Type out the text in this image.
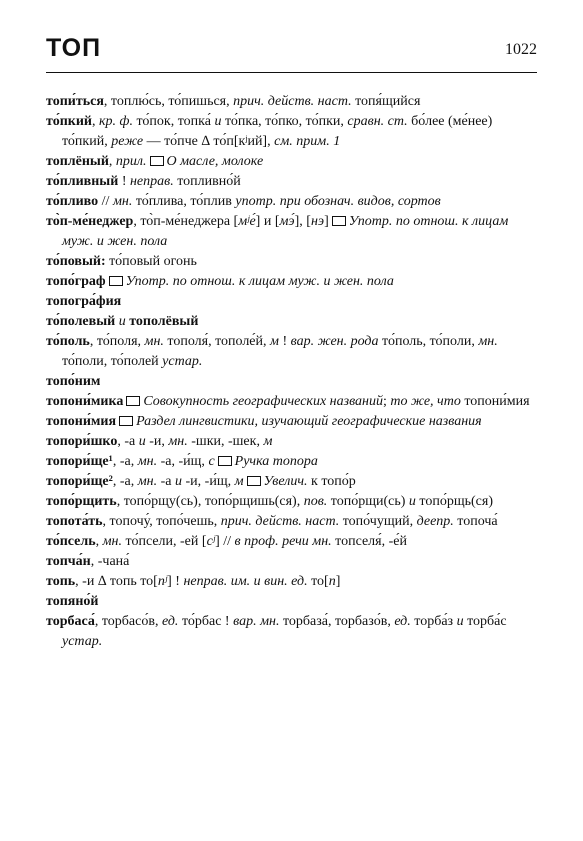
ТОП	1022

топи́ться, топлю́сь, то́пишься, прич. действ. наст. топя́щийся

то́пкий, кр. ф. то́пок, топка́ и то́пка, то́пко, то́пки, сравн. ст. бо́лее (ме́нее) то́пкий, реже — то́пче ∆ то́п[кʲий], см. прим. 1

топлёный, прил. О масле, молоке

то́пливный ! неправ. топливно́й

то́пливо // мн. то́плива, то́плив употр. при обознач. видов, сортов

то̀п-ме́неджер, то̀п-ме́неджера [мʲе́] и [мэ́], [нэ] Употр. по отнош. к лицам муж. и жен. пола

то́повый: то́повый огонь

топо́граф Употр. по отнош. к лицам муж. и жен. пола

топогра́фия

то́полевый и тополёвый

то́поль, то́поля, мн. тополя́, тополе́й, м ! вар. жен. рода то́поль, то́поли, мн. то́поли, то́полей устар.

топо́ним

топони́мика Совокупность географических названий; то же, что топони́мия

топони́мия Раздел лингвистики, изучающий географические названия

топори́шко, -а и -и, мн. -шки, -шек, м

топори́ще¹, -а, мн. -а, -и́щ, с Ручка топора

топори́ще², -а, мн. -а и -и, -и́щ, м Увелич. к топо́р

топо́рщить, топо́рщу(сь), топо́рщишь(ся), пов. топо́рщи(сь) и топо́рщь(ся)

топота́ть, топочу́, топо́чешь, прич. действ. наст. топо́чущий, деепр. топоча́

то́псель, мн. то́псели, -ей [сʲ] // в проф. речи мн. топселя́, -е́й

топча́н, -чана́

топь, -и ∆ топь то[пʲ] ! неправ. им. и вин. ед. то[п]

топяно́й

торбаса́, торбасо́в, ед. то́рбас ! вар. мн. торбаза́, торбазо́в, ед. торба́з и торба́с устар.
